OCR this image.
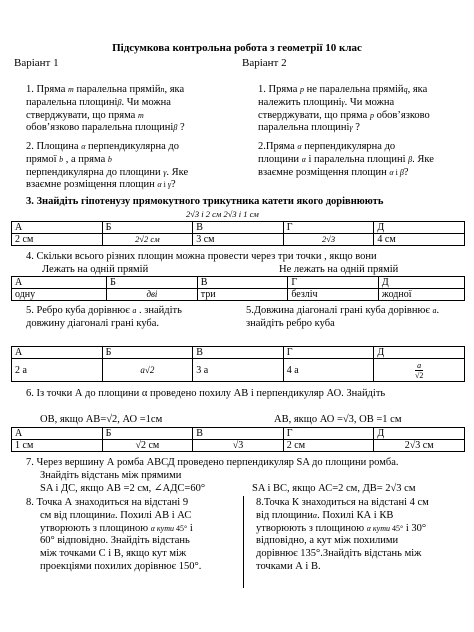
Підсумкова контрольна робота з геометрії 10 клас
Варіант 1	Варіант 2
1. Пряма m паралельна прямійn, яка
паралельна площиніβ. Чи можна
стверджувати, що пряма m
обов’язково паралельна площиніβ ?
1. Пряма p не паралельна прямійq, яка
належить площиніγ. Чи можна
стверджувати, що пряма p обов’язково
паралельна площиніγ ?
2. Площина α перпендикулярна до
прямої b , а пряма b
перпендикулярна до площини γ. Яке
взаємне розміщення площин α і γ?
2.Пряма α перпендикулярна до
площини α і паралельна площині β. Яке
взаємне розміщення площин α і β?
3. Знайдіть гіпотенузу прямокутного трикутника катети якого дорівнюють
2√3 і 2 см 2√3 і 1 см
А	Б	В	Г	Д
2 см	2√2 см	3 см	2√3	4 см
4. Скільки всього різних площин можна провести через три точки , якщо вони
Лежать на одній прямій	Не лежать на одній прямій
А	Б	В	Г	Д
одну	дві	три	безліч	жодної
5. Ребро куба дорівнює a . знайдіть
довжину діагоналі грані куба.
5.Довжина діагоналі грані куба дорівнює a. знайдіть ребро куба
А	Б	В	Г	Д
2 a	a√2	3 a	4 a	$\frac{a}{√2}$
6. Із точки А до площини α проведено похилу АВ і перпендикуляр АО. Знайдіть
ОВ, якщо АВ=√2, АО =1см	АВ, якщо АО =√3, ОВ =1 см
А	Б	В	Г	Д
1 см	√2 см	√3	2 см	2√3 см
7. Через вершину А ромба АВСД проведено перпендикуляр SA до площини ромба.
Знайдіть відстань між прямими
SA і ДС, якщо АВ =2 см, ∠АДС=60°	SA і ВС, якщо АС=2 см, ДВ= 2√3 см
8. Точка А знаходиться на відстані 9
см від площиниα. Похилі АВ і АС
утворюють з площиною α кути 45° і
60° відповідно. Знайдіть відстань
між точками С і В, якщо кут між
проекціями похилих дорівнює 150°.
8.Точка К знаходиться на відстані 4 см
від площиниα. Похилі КА і КВ
утворюють з площиною α кути 45° і 30°
відповідно, а кут між похилими
дорівнює 135°.Знайдіть відстань між
точками А і В.
